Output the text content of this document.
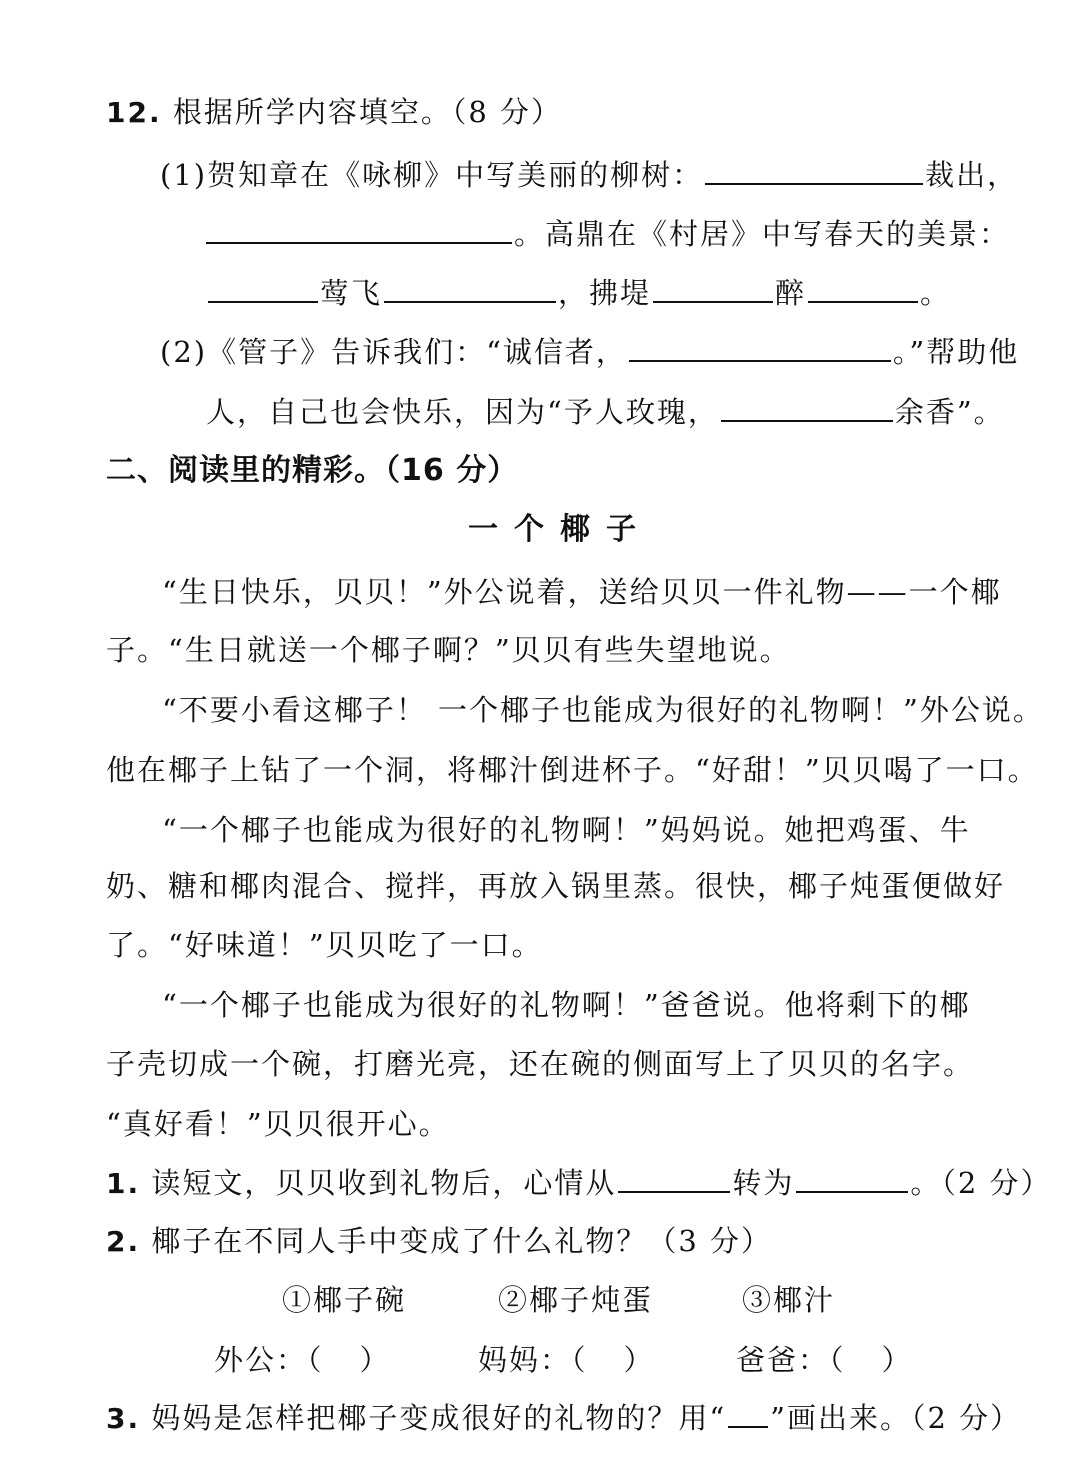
12. 根据所学内容填空。（8 分）
(1)贺知章在《咏柳》中写美丽的柳树：	裁出，
。高鼎在《村居》中写春天的美景：
莺飞	，拂堤	醉	。
(2)《管子》告诉我们：“诚信者，	。”帮助他
人，自己也会快乐，因为“予人玫瑰，	余香”。
二、阅读里的精彩。（16 分）
一个椰子
“生日快乐，贝贝！”外公说着，送给贝贝一件礼物——一个椰
子。“生日就送一个椰子啊？”贝贝有些失望地说。
“不要小看这椰子！ 一个椰子也能成为很好的礼物啊！”外公说。
他在椰子上钻了一个洞，将椰汁倒进杯子。“好甜！”贝贝喝了一口。
“一个椰子也能成为很好的礼物啊！”妈妈说。她把鸡蛋、牛
奶、糖和椰肉混合、搅拌，再放入锅里蒸。很快，椰子炖蛋便做好
了。“好味道！”贝贝吃了一口。
“一个椰子也能成为很好的礼物啊！”爸爸说。他将剩下的椰
子壳切成一个碗，打磨光亮，还在碗的侧面写上了贝贝的名字。
“真好看！”贝贝很开心。
1. 读短文，贝贝收到礼物后，心情从	转为	。（2 分）
2. 椰子在不同人手中变成了什么礼物？（3 分）
①椰子碗	②椰子炖蛋	③椰汁
外公：（ ）	妈妈：（ ）	爸爸：（ ）
3. 妈妈是怎样把椰子变成很好的礼物的？用“ ”画出来。（2 分）
